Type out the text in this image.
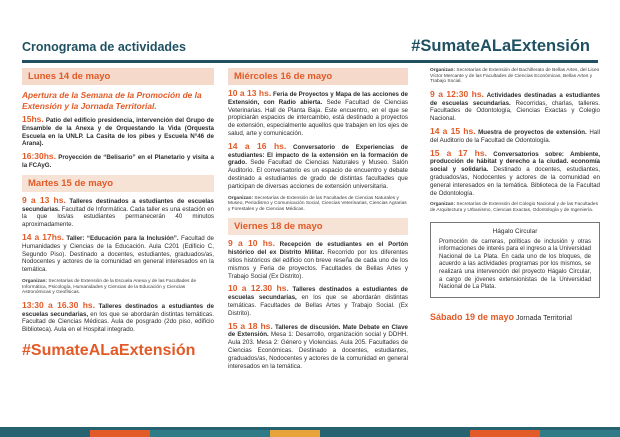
Cronograma de actividades	#SumateALaExtensión
Lunes 14 de mayo
Apertura de la Semana de la Promoción de la Extensión y la Jornada Territorial.
15hs. Patio del edificio presidencia, intervención del Grupo de Ensamble de la Anexa y de Orquestando la Vida (Orquesta Escuela en la UNLP. La Casita de los pibes y Escuela N°46 de Arana).
16:30hs. Proyección de “Belisario” en el Planetario y visita a la FCAyG.
Martes 15 de mayo
9 a 13 hs. Talleres destinados a estudiantes de escuelas secundarias. Facultad de Informática. Cada taller es una estación en la que los/as estudiantes permanecerán 40 minutos aproximadamente.
14 a 17hs. Taller: “Educación para la Inclusión”. Facultad de Humanidades y Ciencias de la Educación. Aula C201 (Edificio C, Segundo Piso). Destinado a docentes, estudiantes, graduados/as, Nodocentes y actores de la comunidad en general interesados en la temática.
Organizan: Secretarías de Extensión de la Escuela Anexa y de las Facultades de Informática, Psicología, Humanidades y Ciencias de la Educación y Ciencias Astronómicas y Geofísicas.
13:30 a 16.30 hs. Talleres destinados a estudiantes de escuelas secundarias, en los que se abordarán distintas temáticas. Facultad de Ciencias Médicas. Aula de posgrado (2do piso, edificio Biblioteca). Aula en el Hospital integrado.
#SumateALaExtensión
Miércoles 16 de mayo
10 a 13 hs. Feria de Proyectos y Mapa de las acciones de Extensión, con Radio abierta. Sede Facultad de Ciencias Veterinarias. Hall de Planta Baja. Este encuentro, en el que se propiciarán espacios de intercambio, está destinado a proyectos de extensión, especialmente aquellos que trabajen en los ejes de salud, arte y comunicación.
14 a 16 hs. Conversatorio de Experiencias de estudiantes: El impacto de la extensión en la formación de grado. Sede Facultad de Ciencias Naturales y Museo. Salón Auditorio. El conversatorio es un espacio de encuentro y debate destinado a estudiantes de grado de distintas facultades que participan de diversas acciones de extensión universitaria.
Organizan: Secretarías de Extensión de las Facultades de Ciencias Naturales y Museo, Periodismo y Comunicación Social, Ciencias Veterinarias, Ciencias Agrarias y Forestales y de Ciencias Médicas.
Viernes 18 de mayo
9 a 10 hs. Recepción de estudiantes en el Portón histórico del ex Distrito Militar. Recorrido por los diferentes sitios históricos del edificio con breve reseña de cada uno de los mismos y Feria de proyectos. Facultades de Bellas Artes y Trabajo Social (Ex Distrito).
10 a 12.30 hs. Talleres destinados a estudiantes de escuelas secundarias, en los que se abordarán distintas temáticas. Facultades de Bellas Artes y Trabajo Social. (Ex Distrito).
15 a 18 hs. Talleres de discusión. Mate Debate en Clave de Extensión. Mesa 1: Desarrollo, organización social y DDHH. Aula 203. Mesa 2: Género y Violencias. Aula 205. Facultades de Ciencias Económicas. Destinado a docentes, estudiantes, graduados/as, Nodocentes y actores de la comunidad en general interesados en la temática.
Organizan: Secretarías de Extensión del Bachillerato de Bellas Artes, del Liceo Víctor Mercante y de las Facultades de Ciencias Económicas, Bellas Artes y Trabajo Social.
9 a 12:30 hs. Actividades destinadas a estudiantes de escuelas secundarias. Recorridas, charlas, talleres. Facultades de Odontología, Ciencias Exactas y Colegio Nacional.
14 a 15 hs. Muestra de proyectos de extensión. Hall del Auditorio de la Facultad de Odontología.
15 a 17 hs. Conversatorios sobre: Ambiente, producción de hábitat y derecho a la ciudad. economía social y solidaria. Destinado a docentes, estudiantes, graduados/as, Nodocentes y actores de la comunidad en general interesados en la temática. Biblioteca de la Facultad de Odontología.
Organizan: Secretarías de Extensión del Colegio Nacional y de las Facultades de Arquitectura y Urbanismo, Ciencias Exactas, Odontología y de Ingeniería.
Hágalo Circular
Promoción de carreras, políticas de inclusión y otras informaciones de interés para el ingreso a la Universidad Nacional de La Plata. En cada uno de los bloques, de acuerdo a las actividades programas por los mismos, se realizará una intervención del proyecto Hágalo Circular, a cargo de jóvenes extensionistas de la Universidad Nacional de La Plata.
Sábado 19 de mayo Jornada Territorial
